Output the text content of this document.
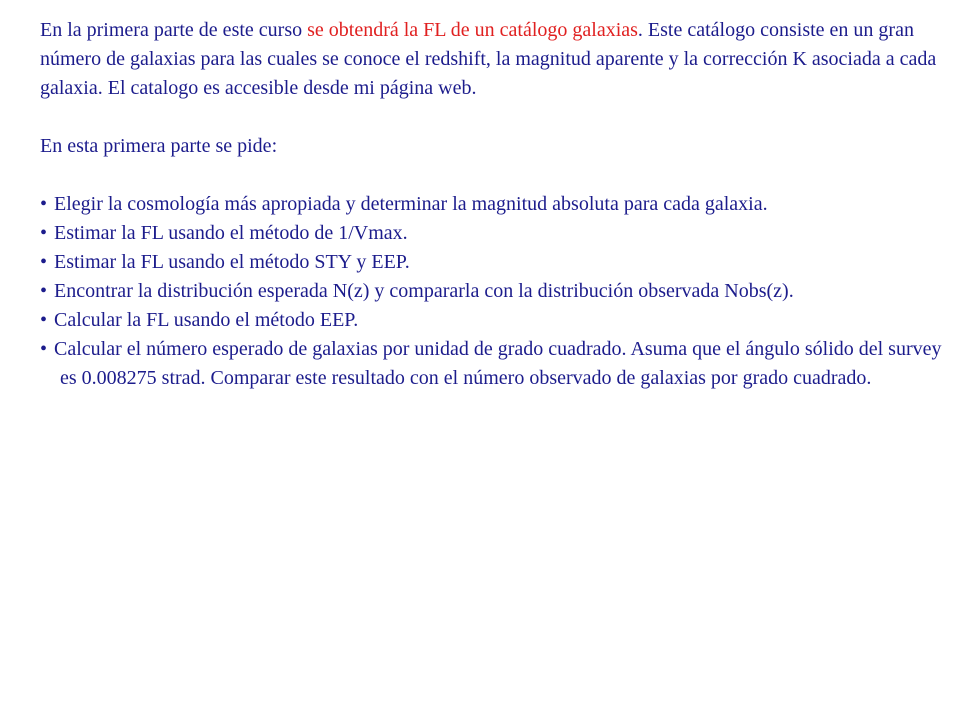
En la primera parte de este curso se obtendrá la FL de un catálogo galaxias. Este catálogo consiste en un gran número de galaxias para las cuales se conoce el redshift, la magnitud aparente y la corrección K asociada a cada galaxia. El catalogo es accesible desde mi página web.

En esta primera parte se pide:

• Elegir la cosmología más apropiada y determinar la magnitud absoluta para cada galaxia.
• Estimar la FL usando el método de 1/Vmax.
• Estimar la FL usando el método STY y EEP.
• Encontrar la distribución esperada N(z) y compararla con la distribución observada Nobs(z).
• Calcular la FL usando el método EEP.
• Calcular el número esperado de galaxias por unidad de grado cuadrado. Asuma que el ángulo sólido del survey es 0.008275 strad. Comparar este resultado con el número observado de galaxias por grado cuadrado.
